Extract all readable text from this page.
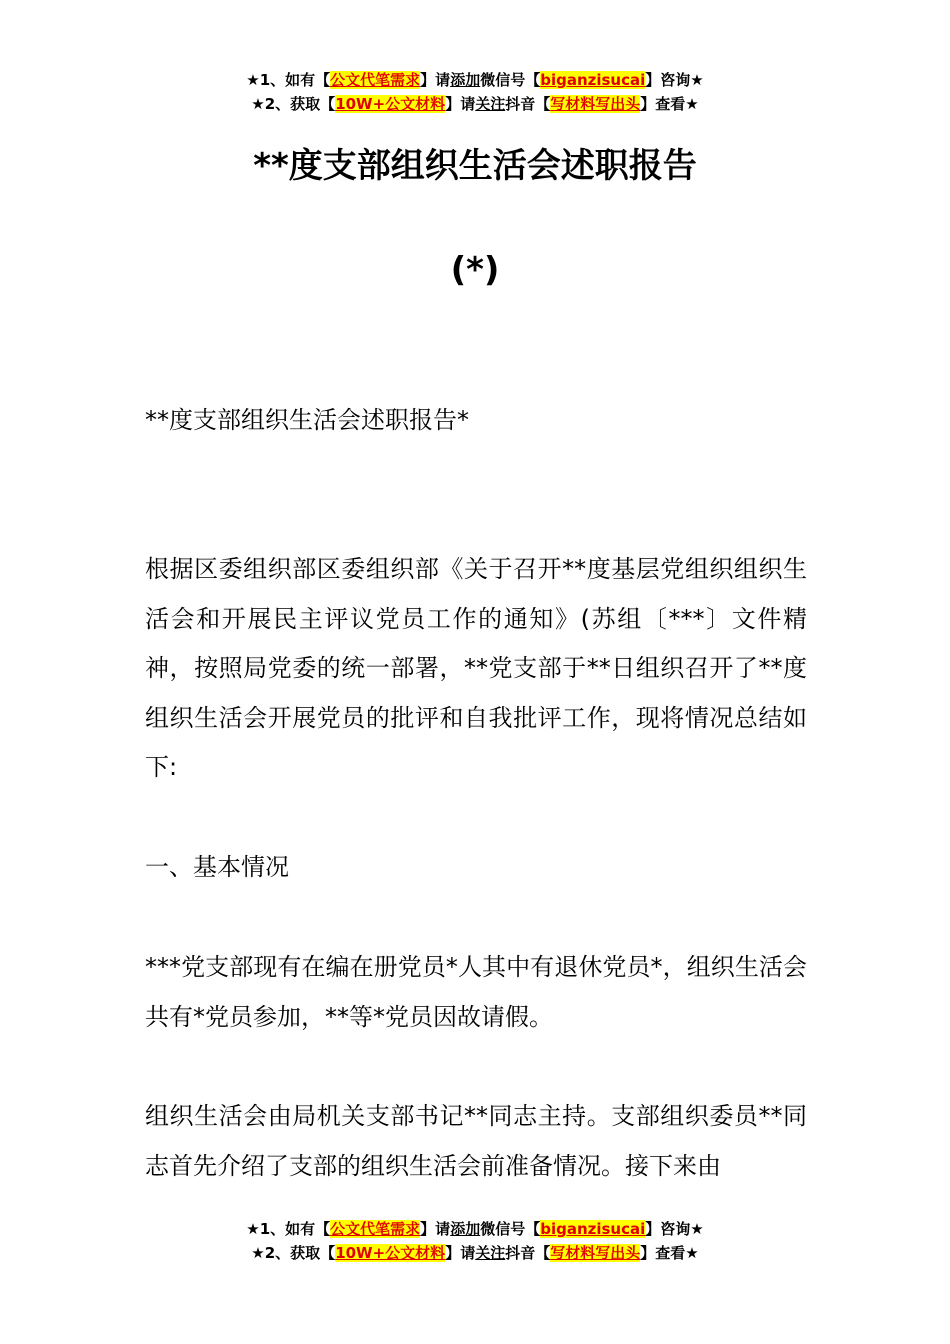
★1、如有【公文代笔需求】请添加微信号【biganzisucai】咨询★
★2、获取【10W+公文材料】请关注抖音【写材料写出头】查看★
**度支部组织生活会述职报告
(*)
**度支部组织生活会述职报告*
根据区委组织部区委组织部《关于召开**度基层党组织组织生活会和开展民主评议党员工作的通知》(苏组〔***〕文件精神，按照局党委的统一部署，**党支部于**日组织召开了**度组织生活会开展党员的批评和自我批评工作，现将情况总结如下:
一、基本情况
***党支部现有在编在册党员*人其中有退休党员*，组织生活会共有*党员参加，**等*党员因故请假。
组织生活会由局机关支部书记**同志主持。支部组织委员**同志首先介绍了支部的组织生活会前准备情况。接下来由
★1、如有【公文代笔需求】请添加微信号【biganzisucai】咨询★
★2、获取【10W+公文材料】请关注抖音【写材料写出头】查看★
